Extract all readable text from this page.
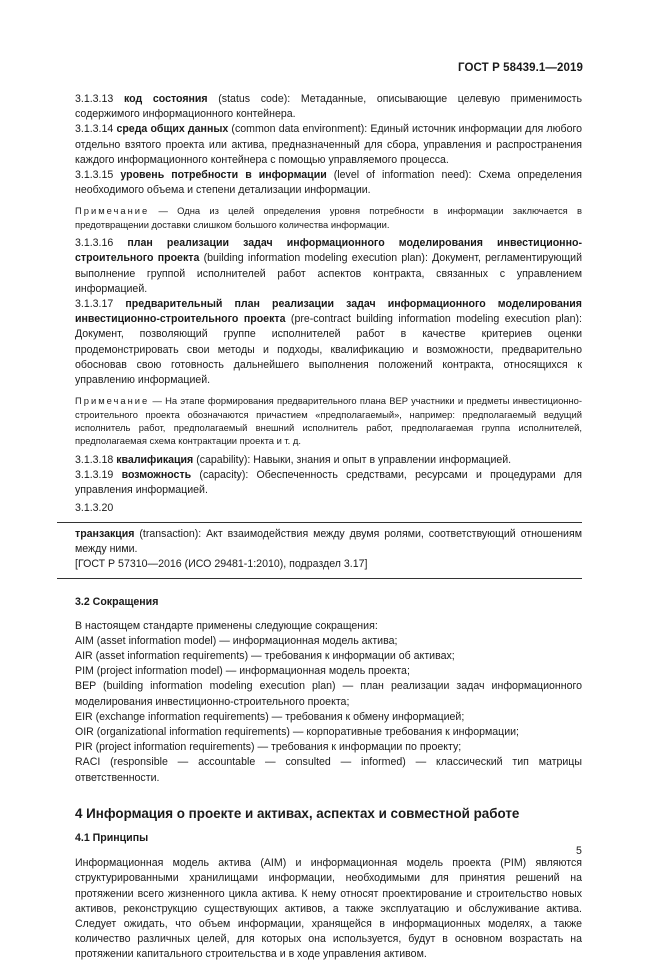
ГОСТ Р 58439.1—2019

3.1.3.13 код состояния (status code): Метаданные, описывающие целевую применимость содержимого информационного контейнера.

3.1.3.14 среда общих данных (common data environment): Единый источник информации для любого отдельно взятого проекта или актива, предназначенный для сбора, управления и распространения каждого информационного контейнера с помощью управляемого процесса.

3.1.3.15 уровень потребности в информации (level of information need): Схема определения необходимого объема и степени детализации информации.

Примечание — Одна из целей определения уровня потребности в информации заключается в предотвращении доставки слишком большого количества информации.

3.1.3.16 план реализации задач информационного моделирования инвестиционно-строительного проекта (building information modeling execution plan): Документ, регламентирующий выполнение группой исполнителей работ аспектов контракта, связанных с управлением информацией.

3.1.3.17 предварительный план реализации задач информационного моделирования инвестиционно-строительного проекта (pre-contract building information modeling execution plan): Документ, позволяющий группе исполнителей работ в качестве критериев оценки продемонстрировать свои методы и подходы, квалификацию и возможности, предварительно обосновав свою готовность дальнейшего выполнения положений контракта, относящихся к управлению информацией.

Примечание — На этапе формирования предварительного плана BEP участники и предметы инвестиционно-строительного проекта обозначаются причастием «предполагаемый», например: предполагаемый ведущий исполнитель работ, предполагаемый внешний исполнитель работ, предполагаемая группа исполнителей, предполагаемая схема контрактации проекта и т. д.

3.1.3.18 квалификация (capability): Навыки, знания и опыт в управлении информацией.

3.1.3.19 возможность (capacity): Обеспеченность средствами, ресурсами и процедурами для управления информацией.

3.1.3.20

транзакция (transaction): Акт взаимодействия между двумя ролями, соответствующий отношениям между ними.

[ГОСТ Р 57310—2016 (ИСО 29481-1:2010), подраздел 3.17]

3.2 Сокращения

В настоящем стандарте применены следующие сокращения:

AIM (asset information model) — информационная модель актива;

AIR (asset information requirements) — требования к информации об активах;

PIM (project information model) — информационная модель проекта;

BEP (building information modeling execution plan) — план реализации задач информационного моделирования инвестиционно-строительного проекта;

EIR (exchange information requirements) — требования к обмену информацией;

OIR (organizational information requirements) — корпоративные требования к информации;

PIR (project information requirements) — требования к информации по проекту;

RACI (responsible — accountable — consulted — informed) — классический тип матрицы ответственности.

4 Информация о проекте и активах, аспектах и совместной работе

4.1 Принципы

Информационная модель актива (AIM) и информационная модель проекта (PIM) являются структурированными хранилищами информации, необходимыми для принятия решений на протяжении всего жизненного цикла актива. К нему относят проектирование и строительство новых активов, реконструкцию существующих активов, а также эксплуатацию и обслуживание актива. Следует ожидать, что объем информации, хранящейся в информационных моделях, а также количество различных целей, для которых она используется, будут в основном возрастать на протяжении капитального строительства и в ходе управления активом.

5
